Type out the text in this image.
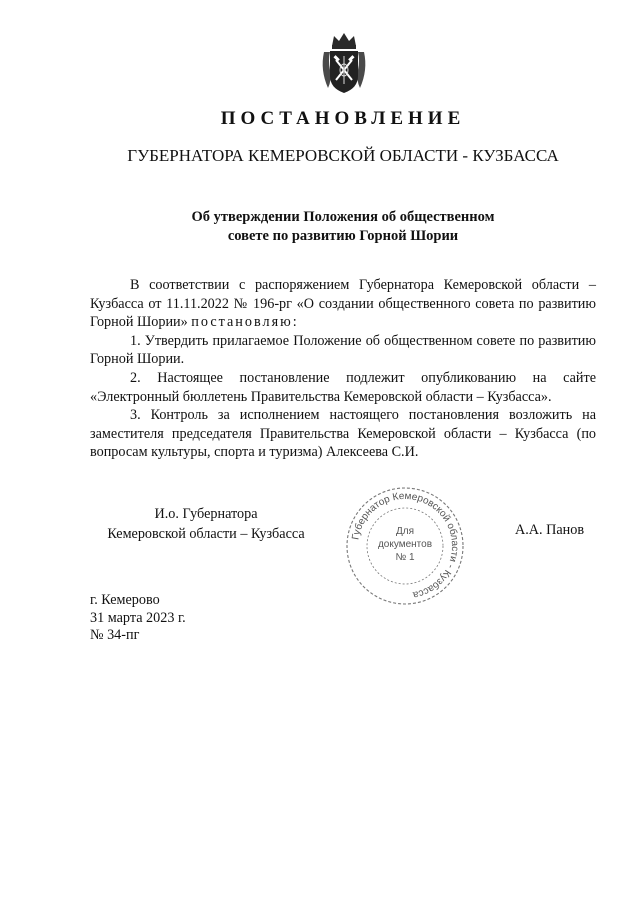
ПОСТАНОВЛЕНИЕ
ГУБЕРНАТОРА КЕМЕРОВСКОЙ ОБЛАСТИ - КУЗБАССА
Об утверждении Положения об общественном
совете по развитию Горной Шории

В соответствии с распоряжением Губернатора Кемеровской области – Кузбасса от 11.11.2022 № 196-рг «О создании общественного совета по развитию Горной Шории» постановляю:

1. Утвердить прилагаемое Положение об общественном совете по развитию Горной Шории.

2. Настоящее постановление подлежит опубликованию на сайте «Электронный бюллетень Правительства Кемеровской области – Кузбасса».

3. Контроль за исполнением настоящего постановления возложить на заместителя председателя Правительства Кемеровской области – Кузбасса (по вопросам культуры, спорта и туризма) Алексеева С.И.

И.о. Губернатора
Кемеровской области – Кузбасса	Губернатор Кемеровской области - Кузбасса
Для
документов
№ 1
А.А. Панов
г. Кемерово
31 марта 2023 г.
№ 34-пг
